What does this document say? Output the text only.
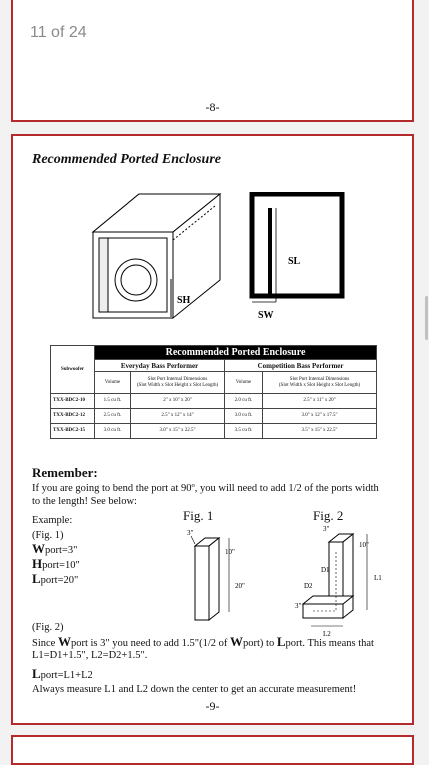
11 of 24
-8-
Recommended Ported Enclosure
SH
SL
SW
Subwoofer	Recommended Ported Enclosure			
	Everyday Bass Performer		Competition Bass Performer	
	Volume	Slot Port Internal Dimensions
(Slot Width x Slot Height x Slot Length)	Volume	Slot Port Internal Dimensions
(Slot Width x Slot Height x Slot Length)
TXX-BDC2-10	1.5 cu ft.	2" x 10" x 20"	2.0 cu ft.	2.5" x 11" x 20"
TXX-BDC2-12	2.5 cu ft.	2.5" x 12" x 14"	3.0 cu ft.	3.0" x 12" x 17.5"
TXX-BDC2-15	3.0 cu ft.	3.0" x 15" x 22.5"	3.5 cu ft.	3.5" x 15" x 22.5"
Remember:
If you are going to bend the port at 90º, you will need to add 1/2 of the ports width
to the length! See below:
Example:
(Fig. 1)
Wport=3"
Hport=10"
Lport=20"
Fig. 1
3"
10"
20"
Fig. 2
3"
10"
D1
D2
L1
3"
L2
(Fig. 2)
Since Wport is 3" you need to add 1.5"(1/2 of Wport) to Lport. This means that
L1=D1+1.5", L2=D2+1.5".
Lport=L1+L2
Always measure L1 and L2 down the center to get an accurate measurement!
-9-
